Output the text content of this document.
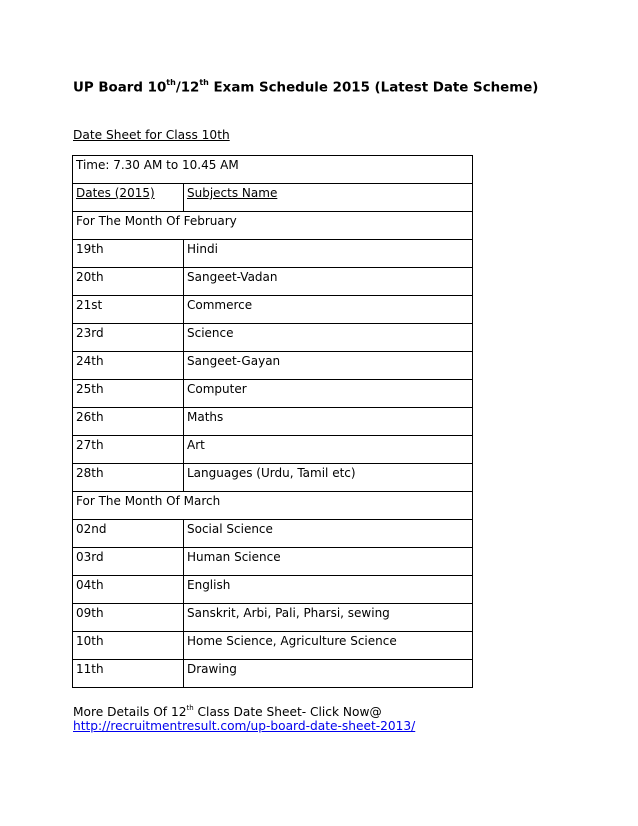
UP Board 10th/12th Exam Schedule 2015 (Latest Date Scheme)
Date Sheet for Class 10th
Time: 7.30 AM to 10.45 AM	
Dates (2015)	Subjects Name
For The Month Of February	
19th	Hindi
20th	Sangeet-Vadan
21st	Commerce
23rd	Science
24th	Sangeet-Gayan
25th	Computer
26th	Maths
27th	Art
28th	Languages (Urdu, Tamil etc)
For The Month Of March	
02nd	Social Science
03rd	Human Science
04th	English
09th	Sanskrit, Arbi, Pali, Pharsi, sewing
10th	Home Science, Agriculture Science
11th	Drawing
More Details Of 12th Class Date Sheet- Click Now@
http://recruitmentresult.com/up-board-date-sheet-2013/
